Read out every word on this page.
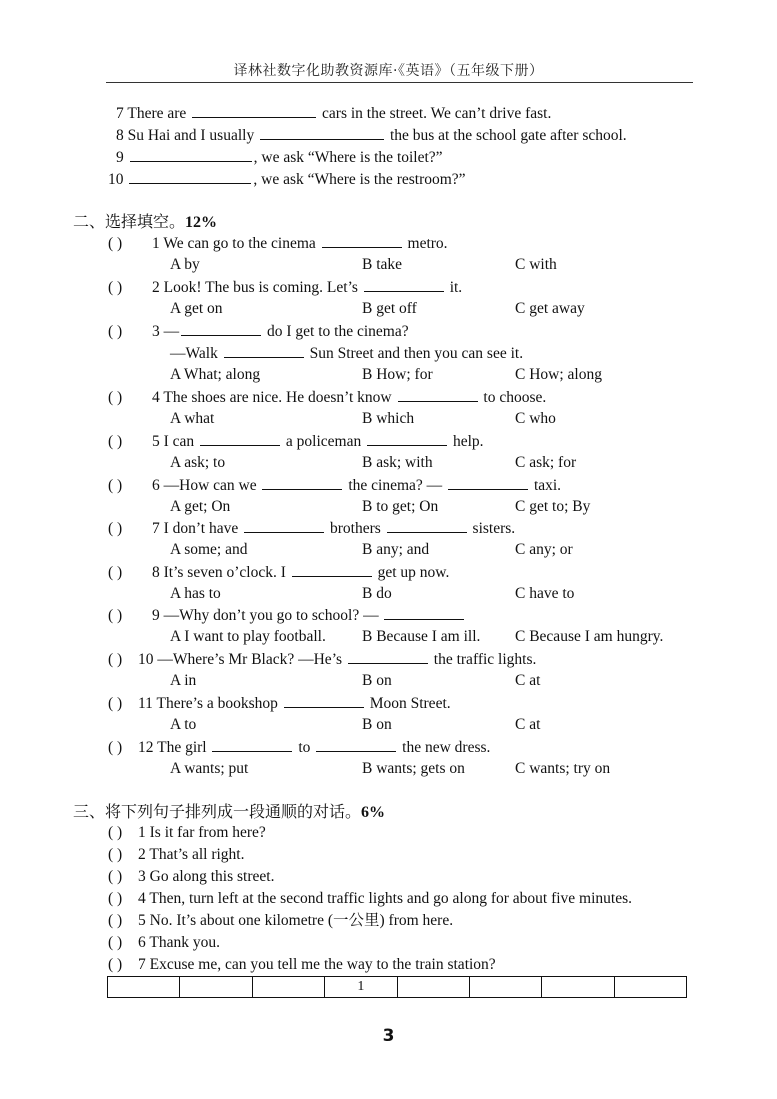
译林社数字化助教资源库·《英语》（五年级下册）
7 There are	cars in the street. We can’t drive fast.
8 Su Hai and I usually	the bus at the school gate after school.
9	, we ask “Where is the toilet?”
10	, we ask “Where is the restroom?”
二、选择填空。12%
( ) 1 We can go to the cinema	metro.
A by	B take	C with
( ) 2 Look! The bus is coming. Let’s	it.
A get on	B get off	C get away
( ) 3 —	do I get to the cinema?
—Walk	Sun Street and then you can see it.
A What; along	B How; for	C How; along
( ) 4 The shoes are nice. He doesn’t know	to choose.
A what	B which	C who
( ) 5 I can	a policeman	help.
A ask; to	B ask; with	C ask; for
( ) 6 —How can we	the cinema? —	taxi.
A get; On	B to get; On	C get to; By
( ) 7 I don’t have	brothers	sisters.
A some; and	B any; and	C any; or
( ) 8 It’s seven o’clock. I	get up now.
A has to	B do	C have to
( ) 9 —Why don’t you go to school? —
A I want to play football. B Because I am ill. C Because I am hungry.
( ) 10 —Where’s Mr Black? —He’s	the traffic lights.
A in	B on	C at
( ) 11 There’s a bookshop	Moon Street.
A to	B on	C at
( ) 12 The girl	to	the new dress.
A wants; put	B wants; gets on	C wants; try on
三、将下列句子排列成一段通顺的对话。6%
( ) 1 Is it far from here?
( ) 2 That’s all right.
( ) 3 Go along this street.
( ) 4 Then, turn left at the second traffic lights and go along for about five minutes.
( ) 5 No. It’s about one kilometre (一公里) from here.
( ) 6 Thank you.
( ) 7 Excuse me, can you tell me the way to the train station?
			1				
3
